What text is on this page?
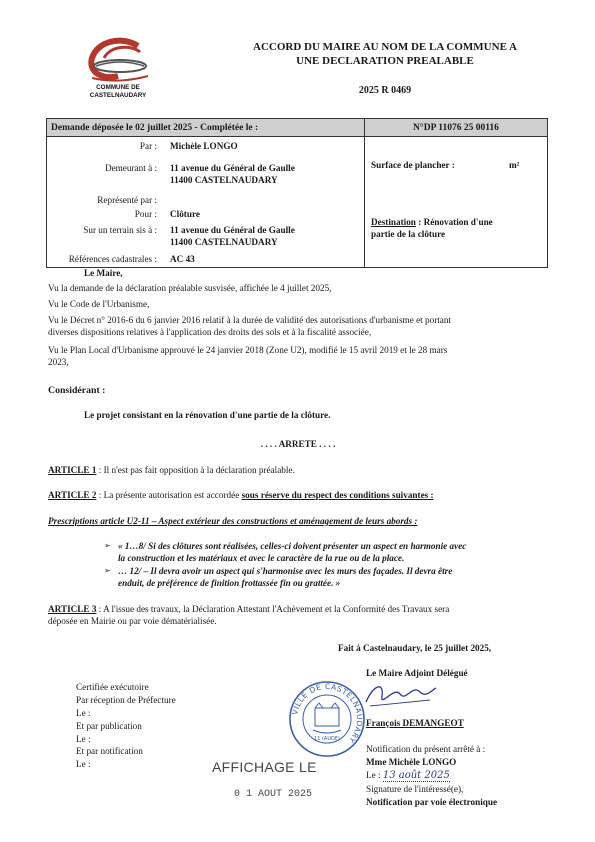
COMMUNE DE
CASTELNAUDARY
ACCORD DU MAIRE AU NOM DE LA COMMUNE A
UNE DECLARATION PREALABLE
2025 R 0469
Demande déposée le 02 juillet 2025 - Complétée le :	N°DP 11076 25 00116
Par : Michèle LONGO
Demeurant à : 11 avenue du Général de Gaulle
11400 CASTELNAUDARY
Représenté par :
Pour : Clôture
Sur un terrain sis à : 11 avenue du Général de Gaulle
11400 CASTELNAUDARY
Références cadastrales : AC 43
Surface de plancher :	m²
Destination : Rénovation d'une
partie de la clôture
Le Maire,
Vu la demande de la déclaration préalable susvisée, affichée le 4 juillet 2025,
Vu le Code de l'Urbanisme,
Vu le Décret n° 2016-6 du 6 janvier 2016 relatif à la durée de validité des autorisations d'urbanisme et portant
diverses dispositions relatives à l'application des droits des sols et à la fiscalité associée,
Vu le Plan Local d'Urbanisme approuvé le 24 janvier 2018 (Zone U2), modifié le 15 avril 2019 et le 28 mars
2023,
Considérant :
Le projet consistant en la rénovation d'une partie de la clôture.
. . . . ARRETE . . . .
ARTICLE 1 : Il n'est pas fait opposition à la déclaration préalable.
ARTICLE 2 : La présente autorisation est accordée sous réserve du respect des conditions suivantes :
Prescriptions article U2-11 – Aspect extérieur des constructions et aménagement de leurs abords :
➢ « 1…8/ Si des clôtures sont réalisées, celles-ci doivent présenter un aspect en harmonie avec
la construction et les matériaux et avec le caractère de la rue ou de la place.
➢ … 12/ – Il devra avoir un aspect qui s'harmonise avec les murs des façades. Il devra être
enduit, de préférence de finition frottassée fin ou grattée. »
ARTICLE 3 : A l'issue des travaux, la Déclaration Attestant l'Achèvement et la Conformité des Travaux sera
déposée en Mairie ou par voie dématérialisée.
Fait à Castelnaudary, le 25 juillet 2025,
Le Maire Adjoint Délégué
VILLE DE CASTELNAUDARY
11 (AUDE)
François DEMANGEOT
Certifiée exécutoire
Par réception de Préfecture
Le :
Et par publication
Le :
Et par notification
Le :	AFFICHAGE LE
0 1 AOUT 2025
Notification du présent arrêté à :
Mme Michèle LONGO
Le : 13 août 2025
Signature de l'intéressé(e),
Notification par voie électronique
